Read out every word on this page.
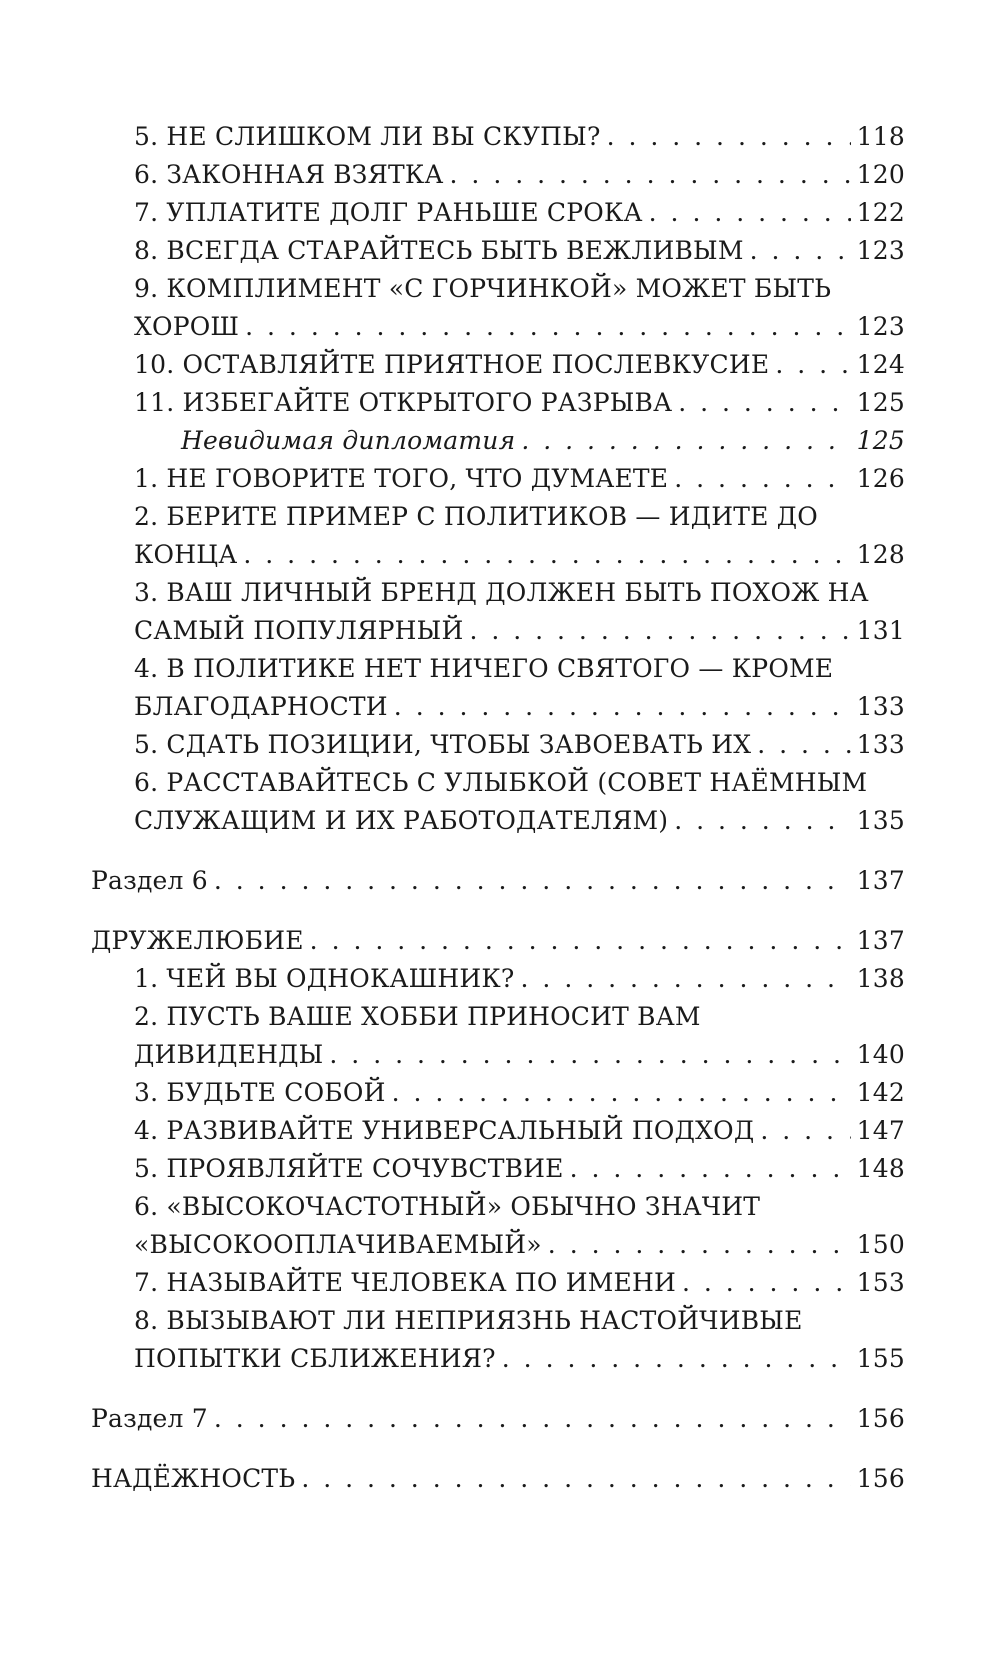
5. НЕ СЛИШКОМ ЛИ ВЫ СКУПЫ? . . .	118
6. ЗАКОННАЯ ВЗЯТКА . . .	120
7. УПЛАТИТЕ ДОЛГ РАНЬШЕ СРОКА . . .	122
8. ВСЕГДА СТАРАЙТЕСЬ БЫТЬ ВЕЖЛИВЫМ . . .	123
9. КОМПЛИМЕНТ «С ГОРЧИНКОЙ» МОЖЕТ БЫТЬ
ХОРОШ . . .	123
10. ОСТАВЛЯЙТЕ ПРИЯТНОЕ ПОСЛЕВКУСИЕ . . .	124
11. ИЗБЕГАЙТЕ ОТКРЫТОГО РАЗРЫВА . . .	125
Невидимая дипломатия . . .	125
1. НЕ ГОВОРИТЕ ТОГО, ЧТО ДУМАЕТЕ . . .	126
2. БЕРИТЕ ПРИМЕР С ПОЛИТИКОВ — ИДИТЕ ДО
КОНЦА . . .	128
3. ВАШ ЛИЧНЫЙ БРЕНД ДОЛЖЕН БЫТЬ ПОХОЖ НА
САМЫЙ ПОПУЛЯРНЫЙ . . .	131
4. В ПОЛИТИКЕ НЕТ НИЧЕГО СВЯТОГО — КРОМЕ
БЛАГОДАРНОСТИ . . .	133
5. СДАТЬ ПОЗИЦИИ, ЧТОБЫ ЗАВОЕВАТЬ ИХ . . .	133
6. РАССТАВАЙТЕСЬ С УЛЫБКОЙ (СОВЕТ НАЁМНЫМ
СЛУЖАЩИМ И ИХ РАБОТОДАТЕЛЯМ) . . .	135
Раздел 6 . . .	137
ДРУЖЕЛЮБИЕ . . .	137
1. ЧЕЙ ВЫ ОДНОКАШНИК? . . .	138
2. ПУСТЬ ВАШЕ ХОББИ ПРИНОСИТ ВАМ
ДИВИДЕНДЫ . . .	140
3. БУДЬТЕ СОБОЙ . . .	142
4. РАЗВИВАЙТЕ УНИВЕРСАЛЬНЫЙ ПОДХОД . . .	147
5. ПРОЯВЛЯЙТЕ СОЧУВСТВИЕ . . .	148
6. «ВЫСОКОЧАСТОТНЫЙ» ОБЫЧНО ЗНАЧИТ
«ВЫСОКООПЛАЧИВАЕМЫЙ» . . .	150
7. НАЗЫВАЙТЕ ЧЕЛОВЕКА ПО ИМЕНИ . . .	153
8. ВЫЗЫВАЮТ ЛИ НЕПРИЯЗНЬ НАСТОЙЧИВЫЕ
ПОПЫТКИ СБЛИЖЕНИЯ? . . .	155
Раздел 7 . . .	156
НАДЁЖНОСТЬ . . .	156
